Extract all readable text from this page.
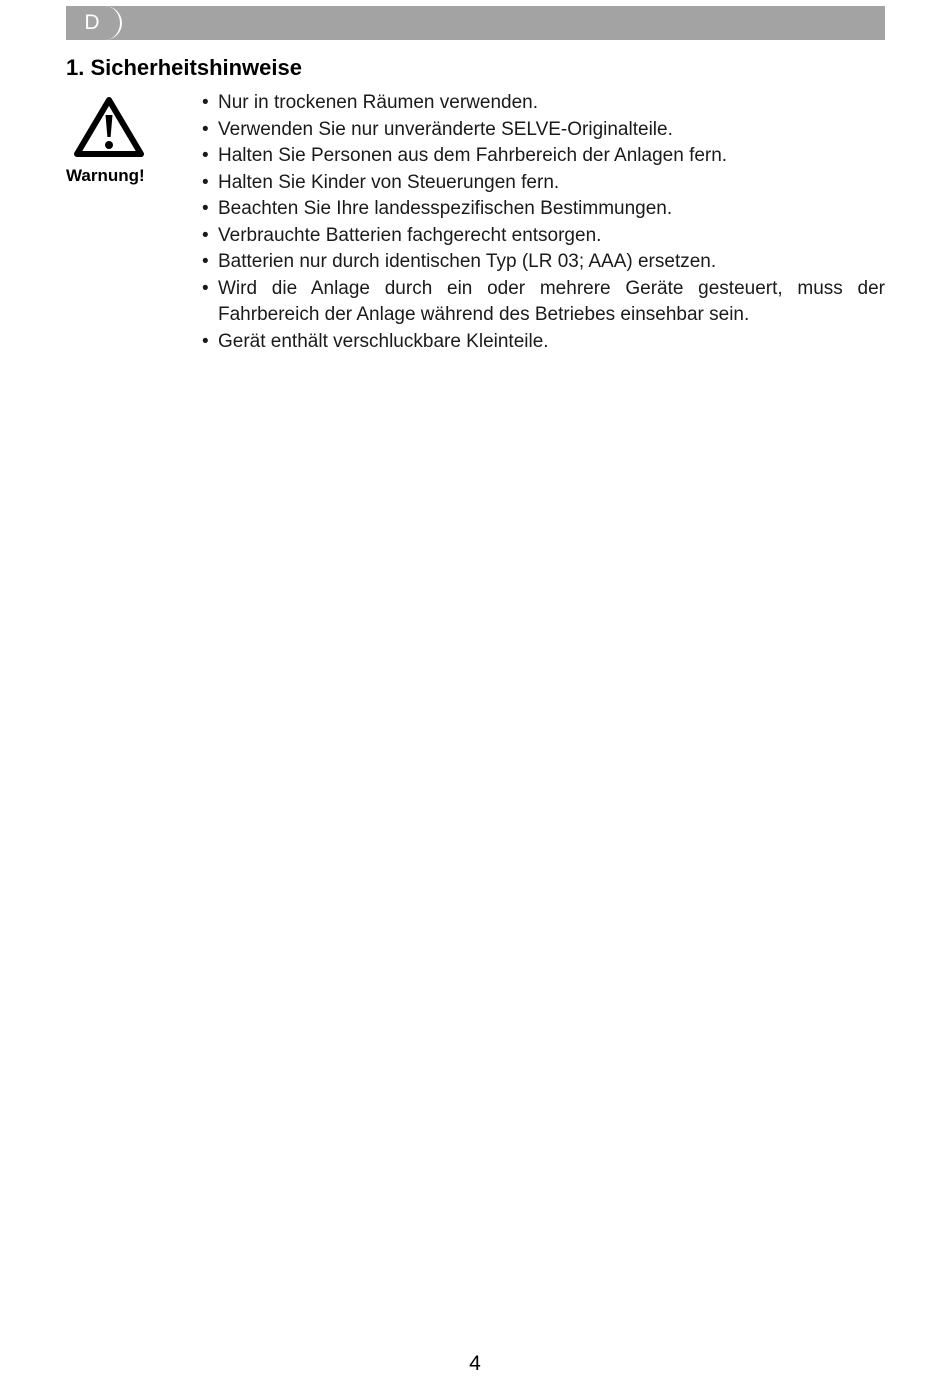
D
1. Sicherheitshinweise
Warnung!
• Nur in trockenen Räumen verwenden.
• Verwenden Sie nur unveränderte SELVE-Originalteile.
• Halten Sie Personen aus dem Fahrbereich der Anlagen fern.
• Halten Sie Kinder von Steuerungen fern.
• Beachten Sie Ihre landesspezifischen Bestimmungen.
• Verbrauchte Batterien fachgerecht entsorgen.
• Batterien nur durch identischen Typ (LR 03; AAA) ersetzen.
• Wird die Anlage durch ein oder mehrere Geräte gesteuert, muss der Fahrbereich der Anlage während des Betriebes einsehbar sein.
• Gerät enthält verschluckbare Kleinteile.
4
